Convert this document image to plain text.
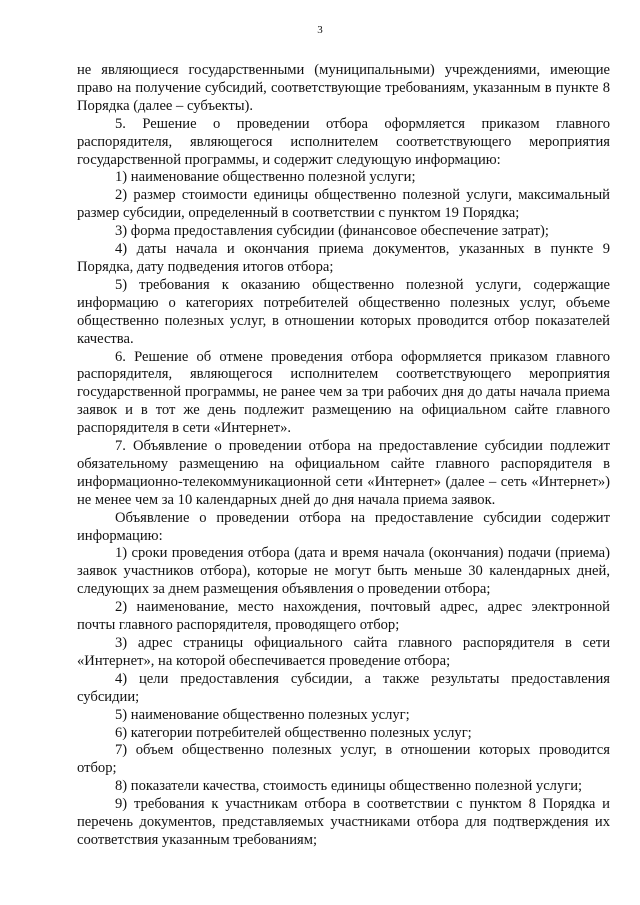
3

не являющиеся государственными (муниципальными) учреждениями, имеющие право на получение субсидий, соответствующие требованиям, указанным в пункте 8 Порядка (далее – субъекты).

5. Решение о проведении отбора оформляется приказом главного распорядителя, являющегося исполнителем соответствующего мероприятия государственной программы, и содержит следующую информацию:

1) наименование общественно полезной услуги;

2) размер стоимости единицы общественно полезной услуги, максимальный размер субсидии, определенный в соответствии с пунктом 19 Порядка;

3) форма предоставления субсидии (финансовое обеспечение затрат);

4) даты начала и окончания приема документов, указанных в пункте 9 Порядка, дату подведения итогов отбора;

5) требования к оказанию общественно полезной услуги, содержащие информацию о категориях потребителей общественно полезных услуг, объеме общественно полезных услуг, в отношении которых проводится отбор показателей качества.

6. Решение об отмене проведения отбора оформляется приказом главного распорядителя, являющегося исполнителем соответствующего мероприятия государственной программы, не ранее чем за три рабочих дня до даты начала приема заявок и в тот же день подлежит размещению на официальном сайте главного распорядителя в сети «Интернет».

7. Объявление о проведении отбора на предоставление субсидии подлежит обязательному размещению на официальном сайте главного распорядителя в информационно-телекоммуникационной сети «Интернет» (далее – сеть «Интернет») не менее чем за 10 календарных дней до дня начала приема заявок.

Объявление о проведении отбора на предоставление субсидии содержит информацию:

1) сроки проведения отбора (дата и время начала (окончания) подачи (приема) заявок участников отбора), которые не могут быть меньше 30 календарных дней, следующих за днем размещения объявления о проведении отбора;

2) наименование, место нахождения, почтовый адрес, адрес электронной почты главного распорядителя, проводящего отбор;

3) адрес страницы официального сайта главного распорядителя в сети «Интернет», на которой обеспечивается проведение отбора;

4) цели предоставления субсидии, а также результаты предоставления субсидии;

5) наименование общественно полезных услуг;

6) категории потребителей общественно полезных услуг;

7) объем общественно полезных услуг, в отношении которых проводится отбор;

8) показатели качества, стоимость единицы общественно полезной услуги;

9) требования к участникам отбора в соответствии с пунктом 8 Порядка и перечень документов, представляемых участниками отбора для подтверждения их соответствия указанным требованиям;
